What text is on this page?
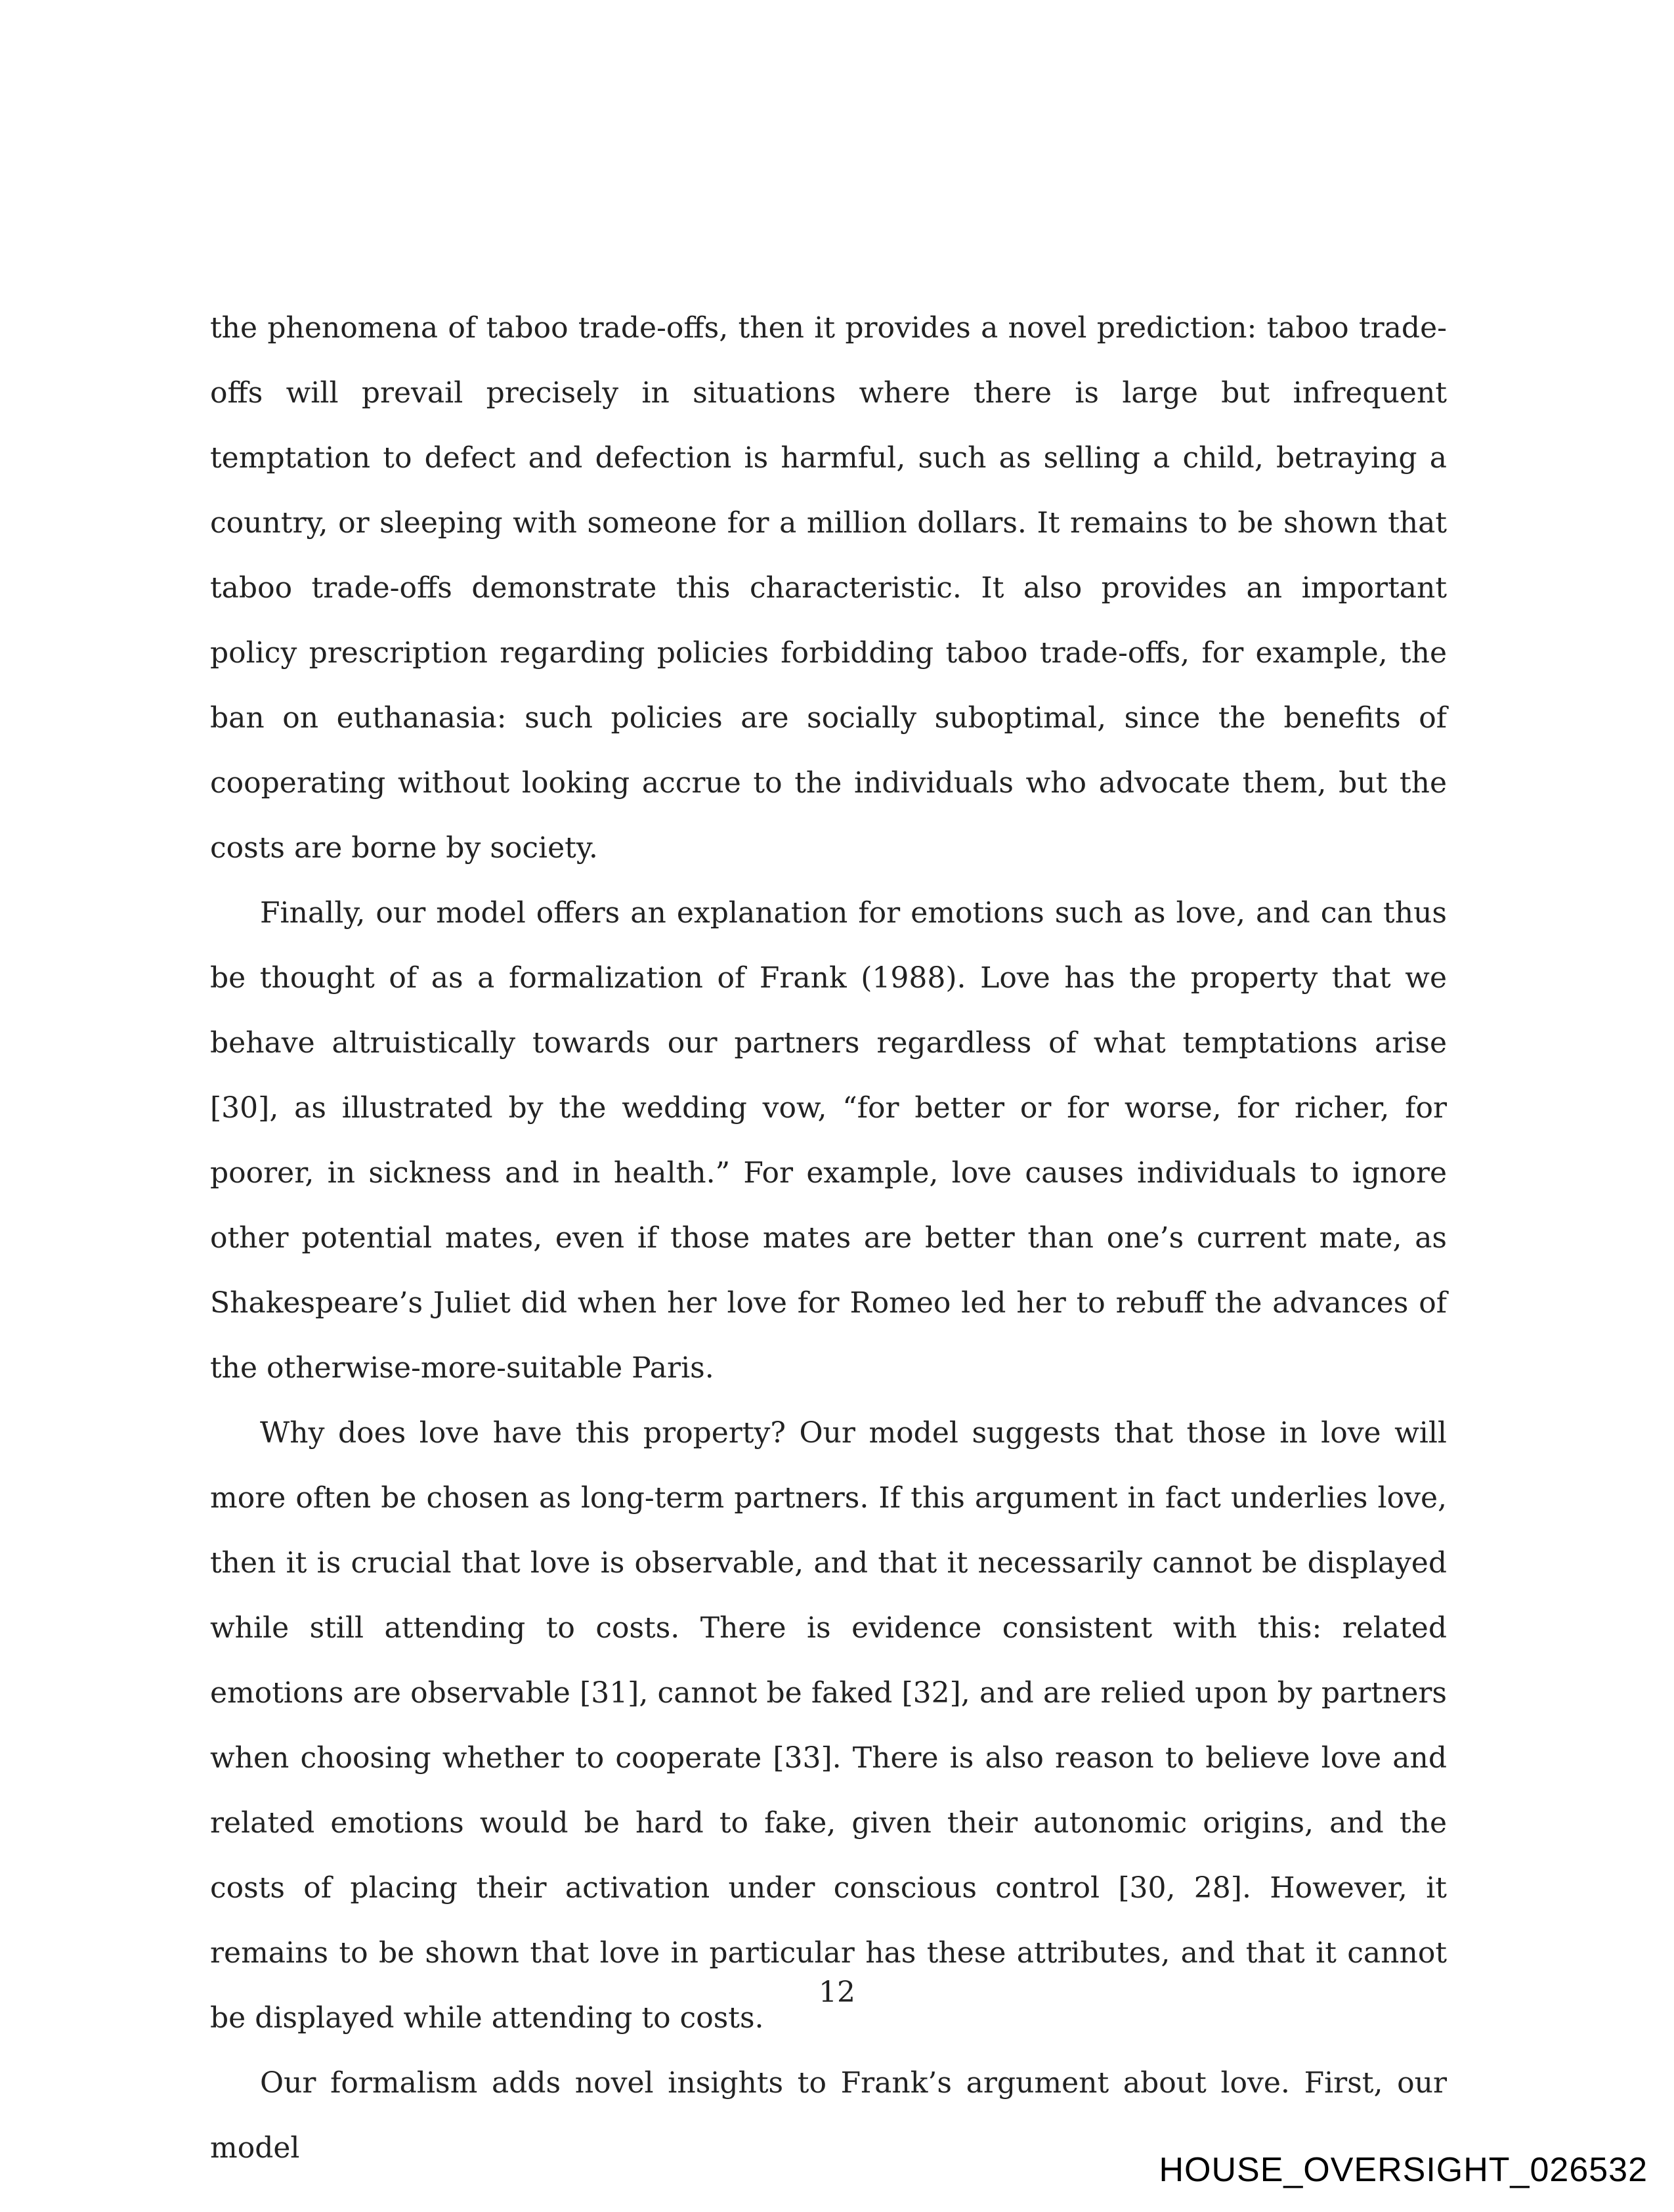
the phenomena of taboo trade-offs, then it provides a novel prediction: taboo trade-offs will prevail precisely in situations where there is large but infrequent temptation to defect and defection is harmful, such as selling a child, betraying a country, or sleeping with someone for a million dollars. It remains to be shown that taboo trade-offs demonstrate this characteristic. It also provides an important policy prescription regarding policies forbidding taboo trade-offs, for example, the ban on euthanasia: such policies are socially suboptimal, since the benefits of cooperating without looking accrue to the individuals who advocate them, but the costs are borne by society.

Finally, our model offers an explanation for emotions such as love, and can thus be thought of as a formalization of Frank (1988). Love has the property that we behave altruistically towards our partners regardless of what temptations arise [30], as illustrated by the wedding vow, “for better or for worse, for richer, for poorer, in sickness and in health.” For example, love causes individuals to ignore other potential mates, even if those mates are better than one’s current mate, as Shakespeare’s Juliet did when her love for Romeo led her to rebuff the advances of the otherwise-more-suitable Paris.

Why does love have this property? Our model suggests that those in love will more often be chosen as long-term partners. If this argument in fact underlies love, then it is crucial that love is observable, and that it necessarily cannot be displayed while still attending to costs. There is evidence consistent with this: related emotions are observable [31], cannot be faked [32], and are relied upon by partners when choosing whether to cooperate [33]. There is also reason to believe love and related emotions would be hard to fake, given their autonomic origins, and the costs of placing their activation under conscious control [30, 28]. However, it remains to be shown that love in particular has these attributes, and that it cannot be displayed while attending to costs.

Our formalism adds novel insights to Frank’s argument about love. First, our model

12
HOUSE_OVERSIGHT_026532
